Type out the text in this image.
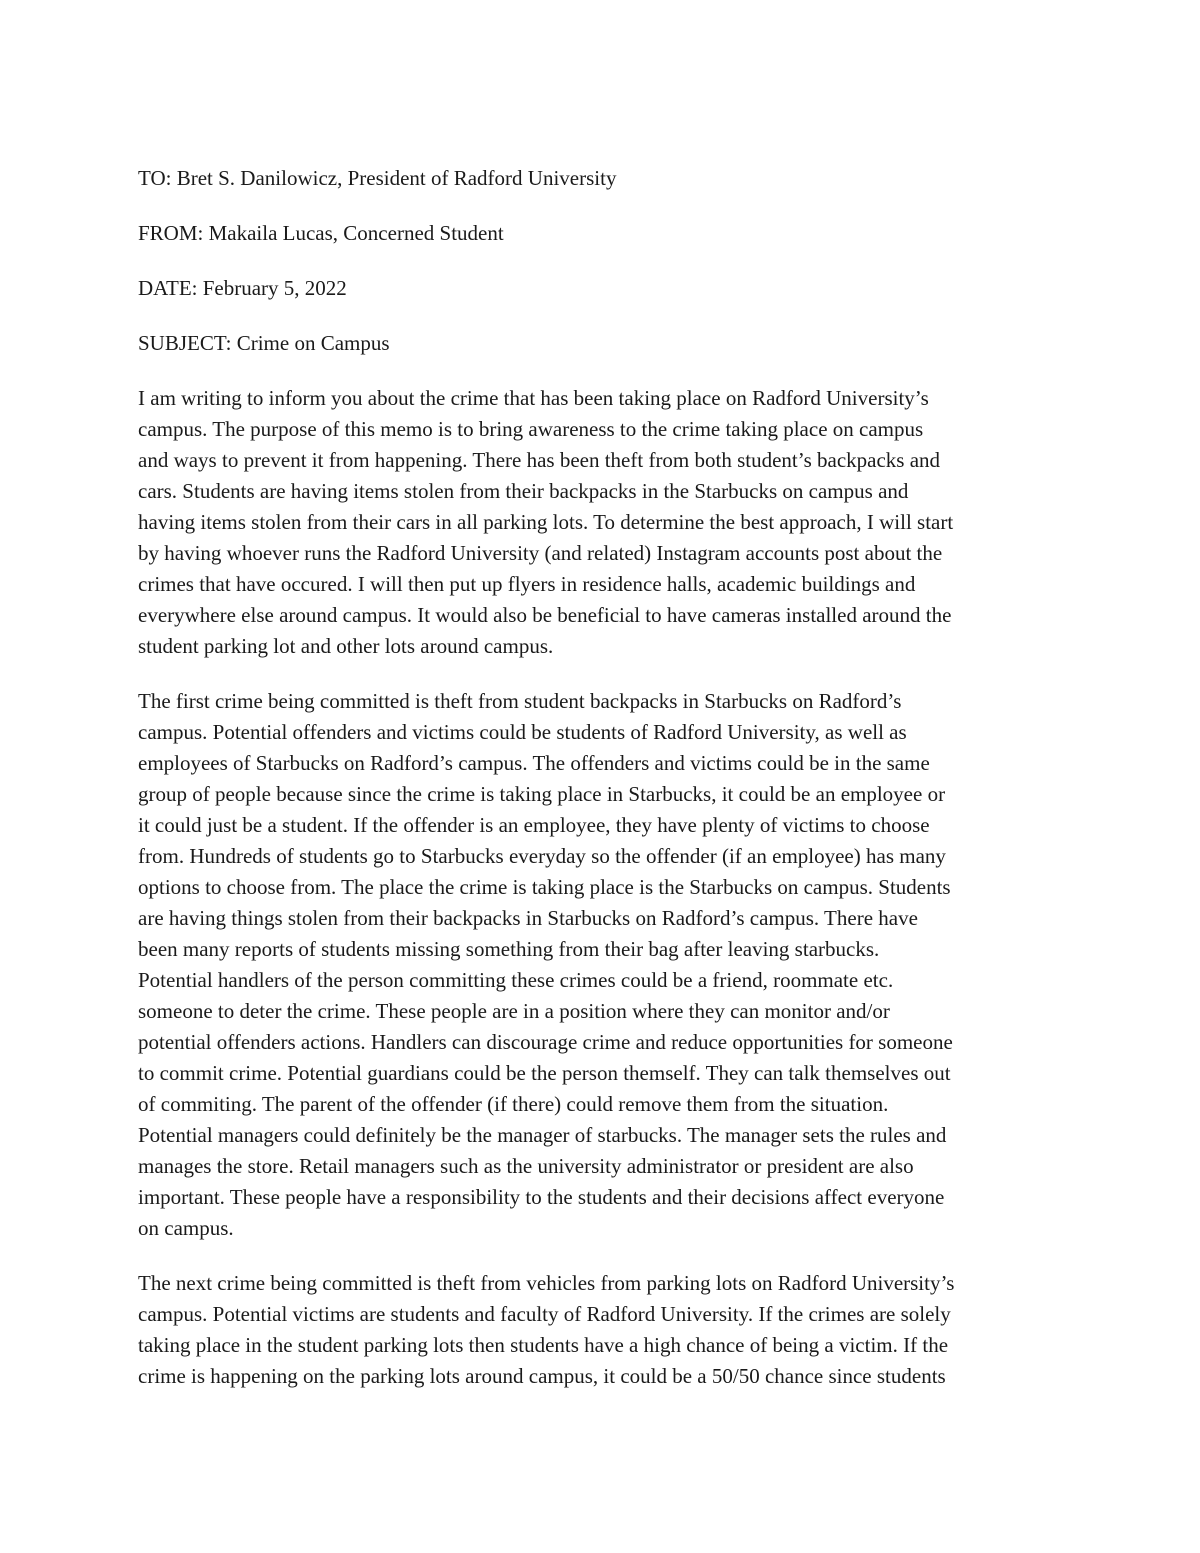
TO: Bret S. Danilowicz, President of Radford University
FROM: Makaila Lucas, Concerned Student
DATE: February 5, 2022
SUBJECT: Crime on Campus
I am writing to inform you about the crime that has been taking place on Radford University’s
campus. The purpose of this memo is to bring awareness to the crime taking place on campus
and ways to prevent it from happening. There has been theft from both student’s backpacks and
cars. Students are having items stolen from their backpacks in the Starbucks on campus and
having items stolen from their cars in all parking lots. To determine the best approach, I will start
by having whoever runs the Radford University (and related) Instagram accounts post about the
crimes that have occured. I will then put up flyers in residence halls, academic buildings and
everywhere else around campus. It would also be beneficial to have cameras installed around the
student parking lot and other lots around campus.
The first crime being committed is theft from student backpacks in Starbucks on Radford’s
campus. Potential offenders and victims could be students of Radford University, as well as
employees of Starbucks on Radford’s campus. The offenders and victims could be in the same
group of people because since the crime is taking place in Starbucks, it could be an employee or
it could just be a student. If the offender is an employee, they have plenty of victims to choose
from. Hundreds of students go to Starbucks everyday so the offender (if an employee) has many
options to choose from. The place the crime is taking place is the Starbucks on campus. Students
are having things stolen from their backpacks in Starbucks on Radford’s campus. There have
been many reports of students missing something from their bag after leaving starbucks.
Potential handlers of the person committing these crimes could be a friend, roommate etc.
someone to deter the crime. These people are in a position where they can monitor and/or
potential offenders actions. Handlers can discourage crime and reduce opportunities for someone
to commit crime. Potential guardians could be the person themself. They can talk themselves out
of commiting. The parent of the offender (if there) could remove them from the situation.
Potential managers could definitely be the manager of starbucks. The manager sets the rules and
manages the store. Retail managers such as the university administrator or president are also
important. These people have a responsibility to the students and their decisions affect everyone
on campus.
The next crime being committed is theft from vehicles from parking lots on Radford University’s
campus. Potential victims are students and faculty of Radford University. If the crimes are solely
taking place in the student parking lots then students have a high chance of being a victim. If the
crime is happening on the parking lots around campus, it could be a 50/50 chance since students
